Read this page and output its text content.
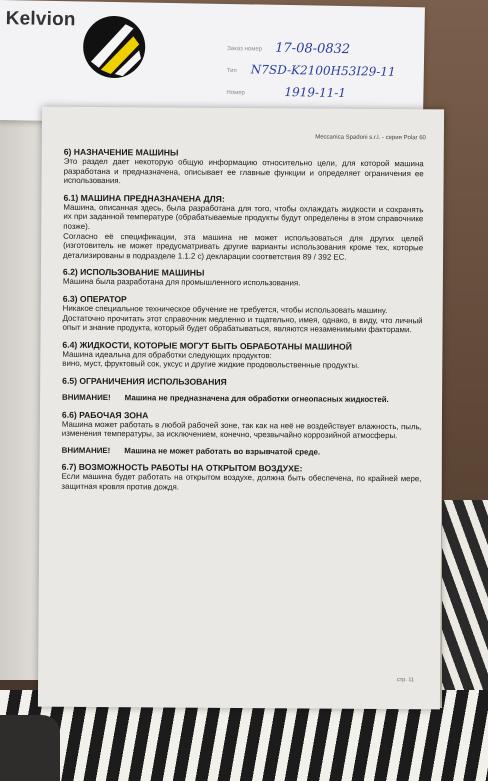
Kelvion
Заказ номер 17-08-0832
Тип N7SD-K2100H53I29-11
Номер	1919-11-1
Meccanica Spadoni s.r.l. - серия Polar 60
6) НАЗНАЧЕНИЕ МАШИНЫ

Это раздел дает некоторую общую информацию относительно цели, для которой машина разработана и предназначена, описывает ее главные функции и определяет ограничения ее использования.

6.1) МАШИНА ПРЕДНАЗНАЧЕНА ДЛЯ:

Машина, описанная здесь, была разработана для того, чтобы охлаждать жидкости и сохранять их при заданной температуре (обрабатываемые продукты будут определены в этом справочнике позже).

Согласно её спецификации, эта машина не может использоваться для других целей (изготовитель не может предусматривать другие варианты использования кроме тех, которые детализированы в подразделе 1.1.2 с) декларации соответствия 89 / 392 ЕС.

6.2) ИСПОЛЬЗОВАНИЕ МАШИНЫ

Машина была разработана для промышленного использования.

6.3) ОПЕРАТОР

Никакое специальное техническое обучение не требуется, чтобы использовать машину.

Достаточно прочитать этот справочник медленно и тщательно, имея, однако, в виду, что личный опыт и знание продукта, который будет обрабатываться, являются незаменимыми факторами.

6.4) ЖИДКОСТИ, КОТОРЫЕ МОГУТ БЫТЬ ОБРАБОТАНЫ МАШИНОЙ

Машина идеальна для обработки следующих продуктов:

вино, муст, фруктовый сок, уксус и другие жидкие продовольственные продукты.

6.5) ОГРАНИЧЕНИЯ ИСПОЛЬЗОВАНИЯ
ВНИМАНИЕ! Машина не предназначена для обработки огнеопасных жидкостей.
6.6) РАБОЧАЯ ЗОНА

Машина может работать в любой рабочей зоне, так как на неё не воздействует влажность, пыль, изменения температуры, за исключением, конечно, чрезвычайно коррозийной атмосферы.

ВНИМАНИЕ! Машина не может работать во взрывчатой среде.
6.7) ВОЗМОЖНОСТЬ РАБОТЫ НА ОТКРЫТОМ ВОЗДУХЕ:

Если машина будет работать на открытом воздухе, должна быть обеспечена, по крайней мере, защитная кровля против дождя.

стр. 11
